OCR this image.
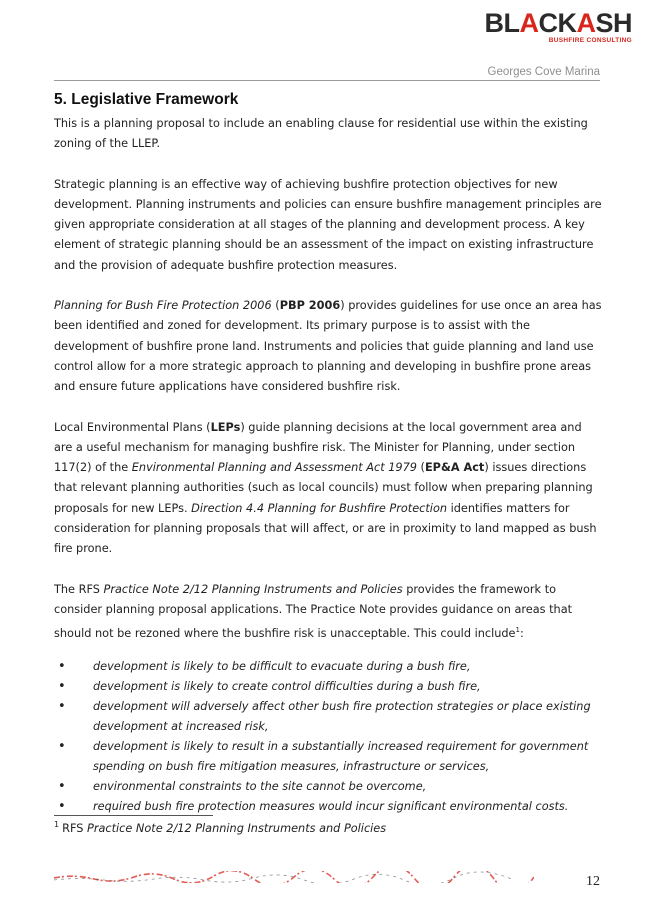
BLACKASH
BUSHFIRE CONSULTING
Georges Cove Marina
5. Legislative Framework

This is a planning proposal to include an enabling clause for residential use within the existing zoning of the LLEP.

Strategic planning is an effective way of achieving bushfire protection objectives for new development. Planning instruments and policies can ensure bushfire management principles are given appropriate consideration at all stages of the planning and development process. A key element of strategic planning should be an assessment of the impact on existing infrastructure and the provision of adequate bushfire protection measures.

Planning for Bush Fire Protection 2006 (PBP 2006) provides guidelines for use once an area has been identified and zoned for development. Its primary purpose is to assist with the development of bushfire prone land. Instruments and policies that guide planning and land use control allow for a more strategic approach to planning and developing in bushfire prone areas and ensure future applications have considered bushfire risk.

Local Environmental Plans (LEPs) guide planning decisions at the local government area and are a useful mechanism for managing bushfire risk. The Minister for Planning, under section 117(2) of the Environmental Planning and Assessment Act 1979 (EP&A Act) issues directions that relevant planning authorities (such as local councils) must follow when preparing planning proposals for new LEPs. Direction 4.4 Planning for Bushfire Protection identifies matters for consideration for planning proposals that will affect, or are in proximity to land mapped as bush fire prone.

The RFS Practice Note 2/12 Planning Instruments and Policies provides the framework to consider planning proposal applications. The Practice Note provides guidance on areas that should not be rezoned where the bushfire risk is unacceptable. This could include$^1$:

• development is likely to be difficult to evacuate during a bush fire,
• development is likely to create control difficulties during a bush fire,
• development will adversely affect other bush fire protection strategies or place existing development at increased risk,
• development is likely to result in a substantially increased requirement for government spending on bush fire mitigation measures, infrastructure or services,
• environmental constraints to the site cannot be overcome,
• required bush fire protection measures would incur significant environmental costs.
$^1$ RFS Practice Note 2/12 Planning Instruments and Policies
12
